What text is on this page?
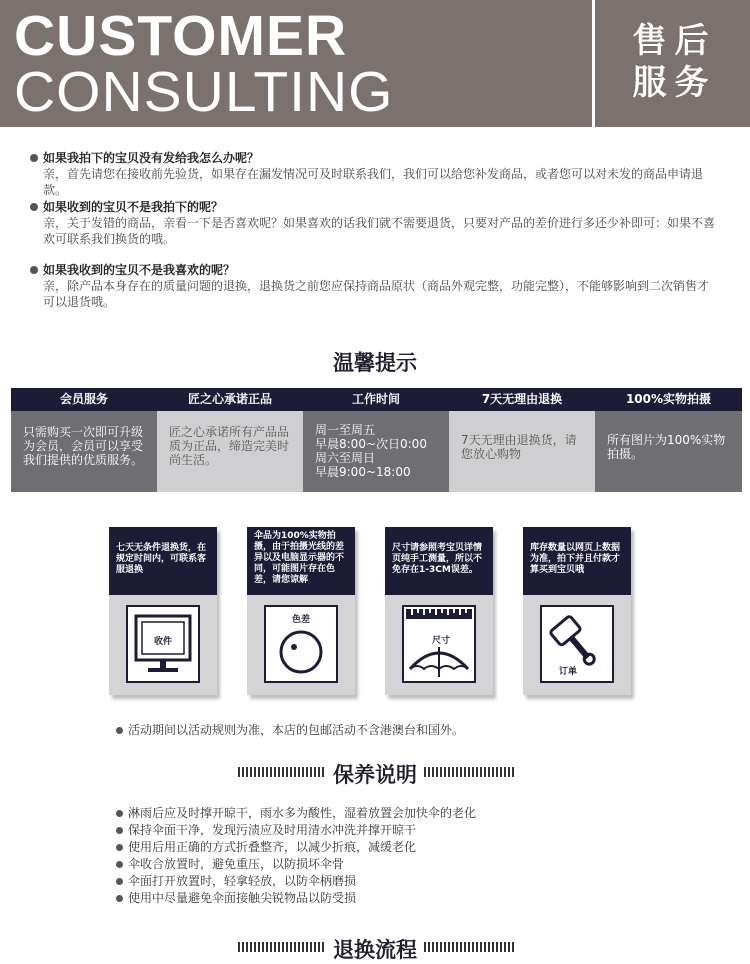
CUSTOMER
CONSULTING
售后
服务
如果我拍下的宝贝没有发给我怎么办呢？
亲，首先请您在接收前先验货，如果存在漏发情况可及时联系我们，我们可以给您补发商品，或者您可以对未发的商品申请退款。
如果收到的宝贝不是我拍下的呢？
亲，关于发错的商品，亲看一下是否喜欢呢？如果喜欢的话我们就不需要退货，只要对产品的差价进行多还少补即可：如果不喜欢可联系我们换货的哦。
如果我收到的宝贝不是我喜欢的呢？
亲，除产品本身存在的质量问题的退换，退换货之前您应保持商品原状（商品外观完整，功能完整），不能够影响到二次销售才可以退货哦。
温馨提示
会员服务
只需购买一次即可升级为会员，会员可以享受我们提供的优质服务。
匠之心承诺正品
匠之心承诺所有产品品质为正品，缔造完美时尚生活。
工作时间
周一至周五
早晨8:00~次日0:00
周六至周日
早晨9:00~18:00
7天无理由退换
7天无理由退换货，请您放心购物
100%实物拍摄
所有图片为100%实物拍摄。
七天无条件退换货，在规定时间内，可联系客服退换
收件
伞品为100%实物拍摄，由于拍摄光线的差异以及电脑显示器的不同，可能图片存在色差，请您谅解
色差
尺寸请参照考宝贝详情页纯手工测量，所以不免存在1-3CM误差。
尺寸
库存数量以网页上数据为准，拍下并且付款才算买到宝贝哦
订单
活动期间以活动规则为准，本店的包邮活动不含港澳台和国外。
保养说明
淋雨后应及时撑开晾干，雨水多为酸性，湿着放置会加快伞的老化
保持伞面干净，发现污渍应及时用清水冲洗并撑开晾干
使用后用正确的方式折叠整齐，以减少折痕，减缓老化
伞收合放置时，避免重压，以防损坏伞骨
伞面打开放置时，轻拿轻放，以防伞柄磨损
使用中尽量避免伞面接触尖锐物品以防受损
退换流程
